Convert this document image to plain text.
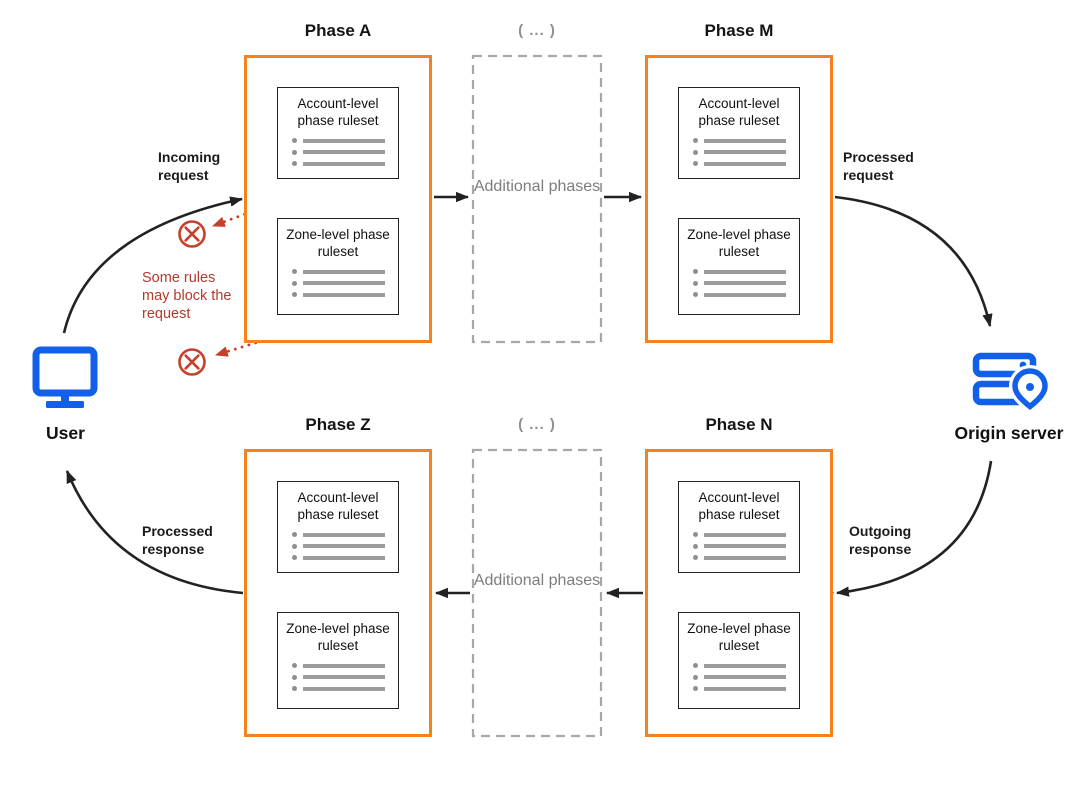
Phase A	Phase M
Phase Z	Phase N
( ... )
( ... )
Additional phases
Additional phases
Account-level phase ruleset
Zone-level phase ruleset
Account-level phase ruleset
Zone-level phase ruleset
Account-level phase ruleset
Zone-level phase ruleset
Account-level phase ruleset
Zone-level phase ruleset
Incoming request
Processed request
Outgoing response
Processed response
Some rules may block the request
User	Origin server
